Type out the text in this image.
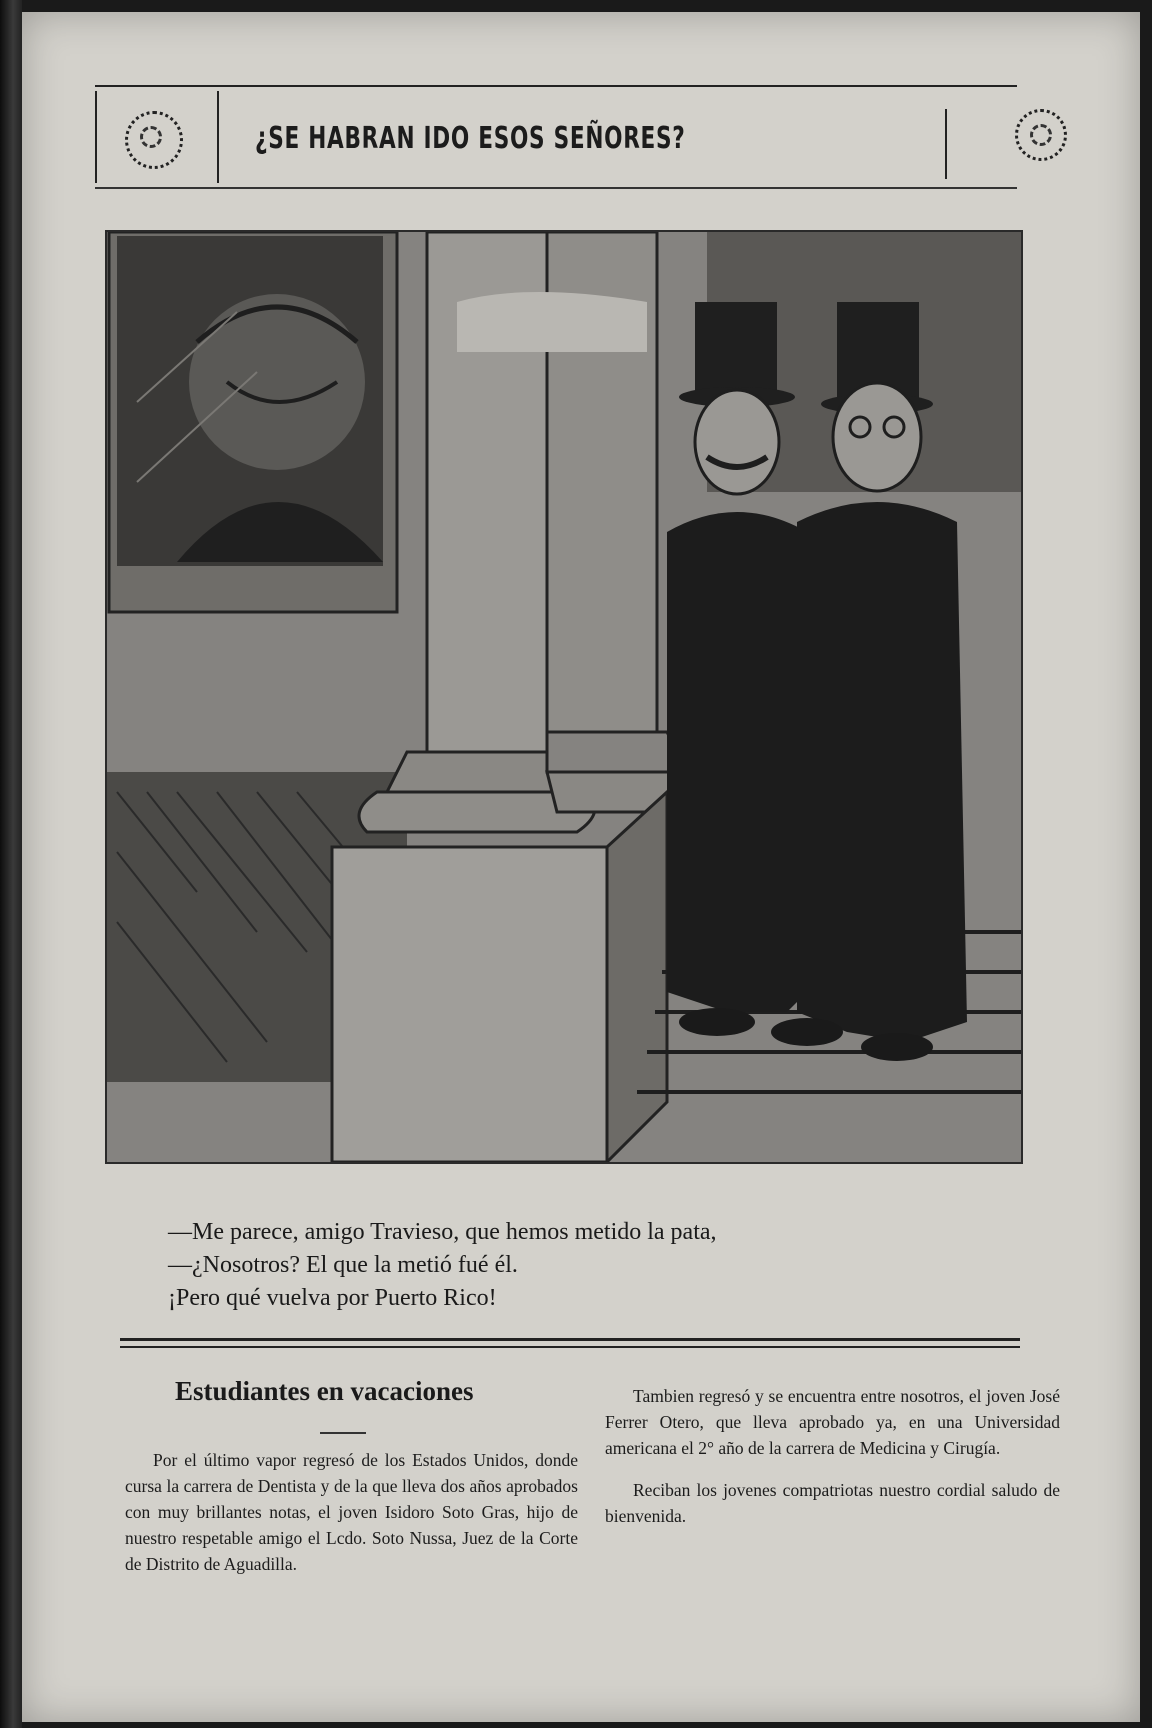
¿SE HABRAN IDO ESOS SEÑORES?
—Me parece, amigo Travieso, que hemos metido la pata,
—¿Nosotros? El que la metió fué él.
¡Pero qué vuelva por Puerto Rico!
Estudiantes en vacaciones

Por el último vapor regresó de los Estados Unidos, donde cursa la carrera de Dentista y de la que lleva dos años aprobados con muy brillantes notas, el joven Isidoro Soto Gras, hijo de nuestro respetable amigo el Lcdo. Soto Nussa, Juez de la Corte de Distrito de Aguadilla.

Tambien regresó y se encuentra entre nosotros, el joven José Ferrer Otero, que lleva aprobado ya, en una Universidad americana el 2° año de la carrera de Medicina y Cirugía.

Reciban los jovenes compatriotas nuestro cordial saludo de bienvenida.
